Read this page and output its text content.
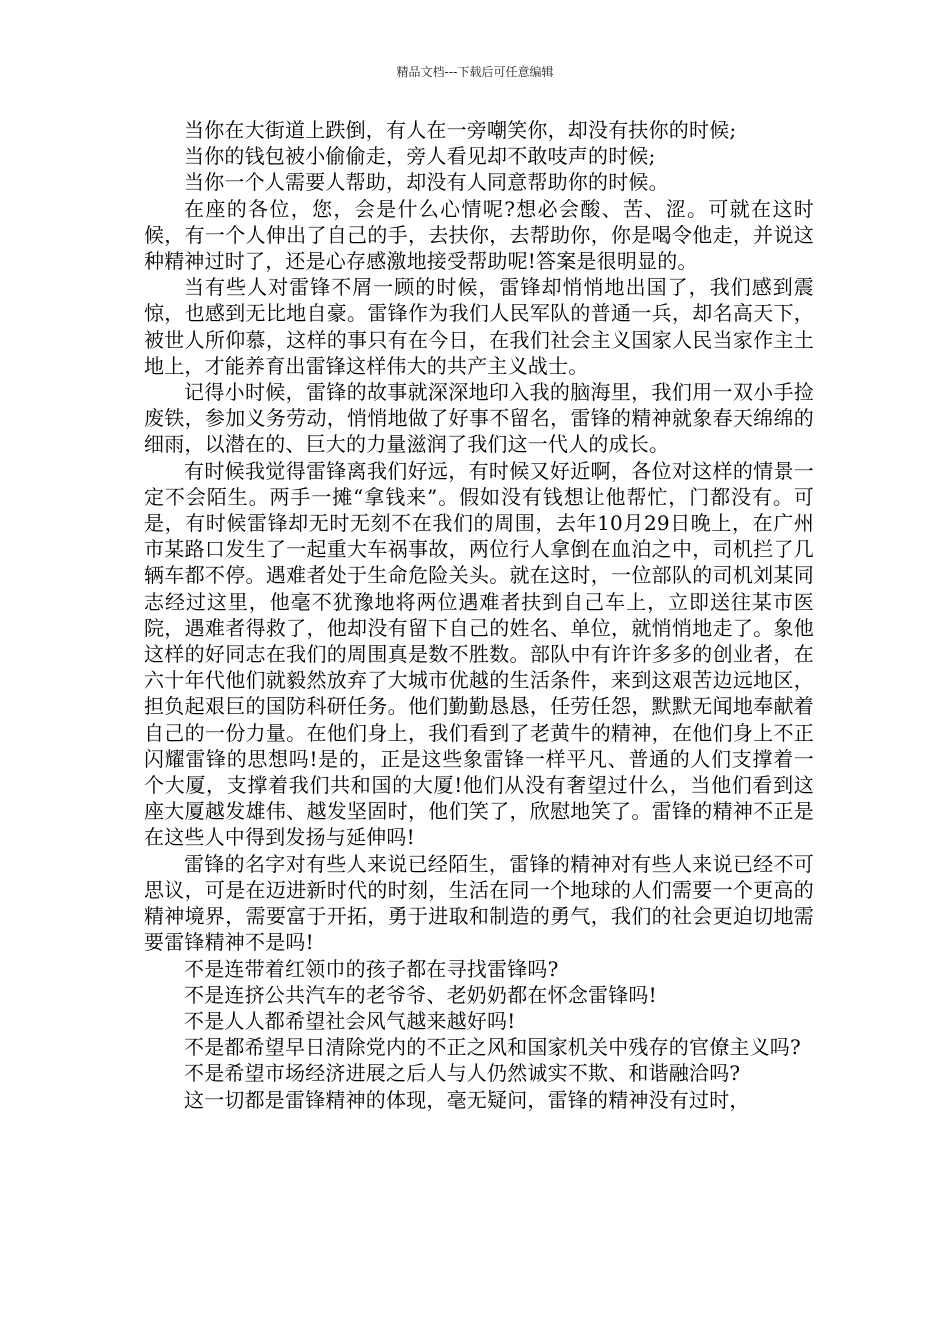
精品文档---下载后可任意编辑

当你在大街道上跌倒，有人在一旁嘲笑你，却没有扶你的时候;

当你的钱包被小偷偷走，旁人看见却不敢吱声的时候;

当你一个人需要人帮助，却没有人同意帮助你的时候。

在座的各位，您，会是什么心情呢?想必会酸、苦、涩。可就在这时候，有一个人伸出了自己的手，去扶你，去帮助你，你是喝令他走，并说这种精神过时了，还是心存感激地接受帮助呢!答案是很明显的。

当有些人对雷锋不屑一顾的时候，雷锋却悄悄地出国了，我们感到震惊，也感到无比地自豪。雷锋作为我们人民军队的普通一兵，却名高天下，被世人所仰慕，这样的事只有在今日，在我们社会主义国家人民当家作主土地上，才能养育出雷锋这样伟大的共产主义战士。

记得小时候，雷锋的故事就深深地印入我的脑海里，我们用一双小手捡废铁，参加义务劳动，悄悄地做了好事不留名，雷锋的精神就象春天绵绵的细雨，以潜在的、巨大的力量滋润了我们这一代人的成长。

有时候我觉得雷锋离我们好远，有时候又好近啊，各位对这样的情景一定不会陌生。两手一摊“拿钱来”。假如没有钱想让他帮忙，门都没有。可是，有时候雷锋却无时无刻不在我们的周围，去年10月29日晚上，在广州市某路口发生了一起重大车祸事故，两位行人拿倒在血泊之中，司机拦了几辆车都不停。遇难者处于生命危险关头。就在这时，一位部队的司机刘某同志经过这里，他毫不犹豫地将两位遇难者扶到自己车上，立即送往某市医院，遇难者得救了，他却没有留下自己的姓名、单位，就悄悄地走了。象他这样的好同志在我们的周围真是数不胜数。部队中有许许多多的创业者，在六十年代他们就毅然放弃了大城市优越的生活条件，来到这艰苦边远地区，担负起艰巨的国防科研任务。他们勤勤恳恳，任劳任怨，默默无闻地奉献着自己的一份力量。在他们身上，我们看到了老黄牛的精神，在他们身上不正闪耀雷锋的思想吗!是的，正是这些象雷锋一样平凡、普通的人们支撑着一个大厦，支撑着我们共和国的大厦!他们从没有奢望过什么，当他们看到这座大厦越发雄伟、越发坚固时，他们笑了，欣慰地笑了。雷锋的精神不正是在这些人中得到发扬与延伸吗!

雷锋的名字对有些人来说已经陌生，雷锋的精神对有些人来说已经不可思议，可是在迈进新时代的时刻，生活在同一个地球的人们需要一个更高的精神境界，需要富于开拓，勇于进取和制造的勇气，我们的社会更迫切地需要雷锋精神不是吗!

不是连带着红领巾的孩子都在寻找雷锋吗?

不是连挤公共汽车的老爷爷、老奶奶都在怀念雷锋吗!

不是人人都希望社会风气越来越好吗!

不是都希望早日清除党内的不正之风和国家机关中残存的官僚主义吗?

不是希望市场经济进展之后人与人仍然诚实不欺、和谐融洽吗?

这一切都是雷锋精神的体现，毫无疑问，雷锋的精神没有过时，
